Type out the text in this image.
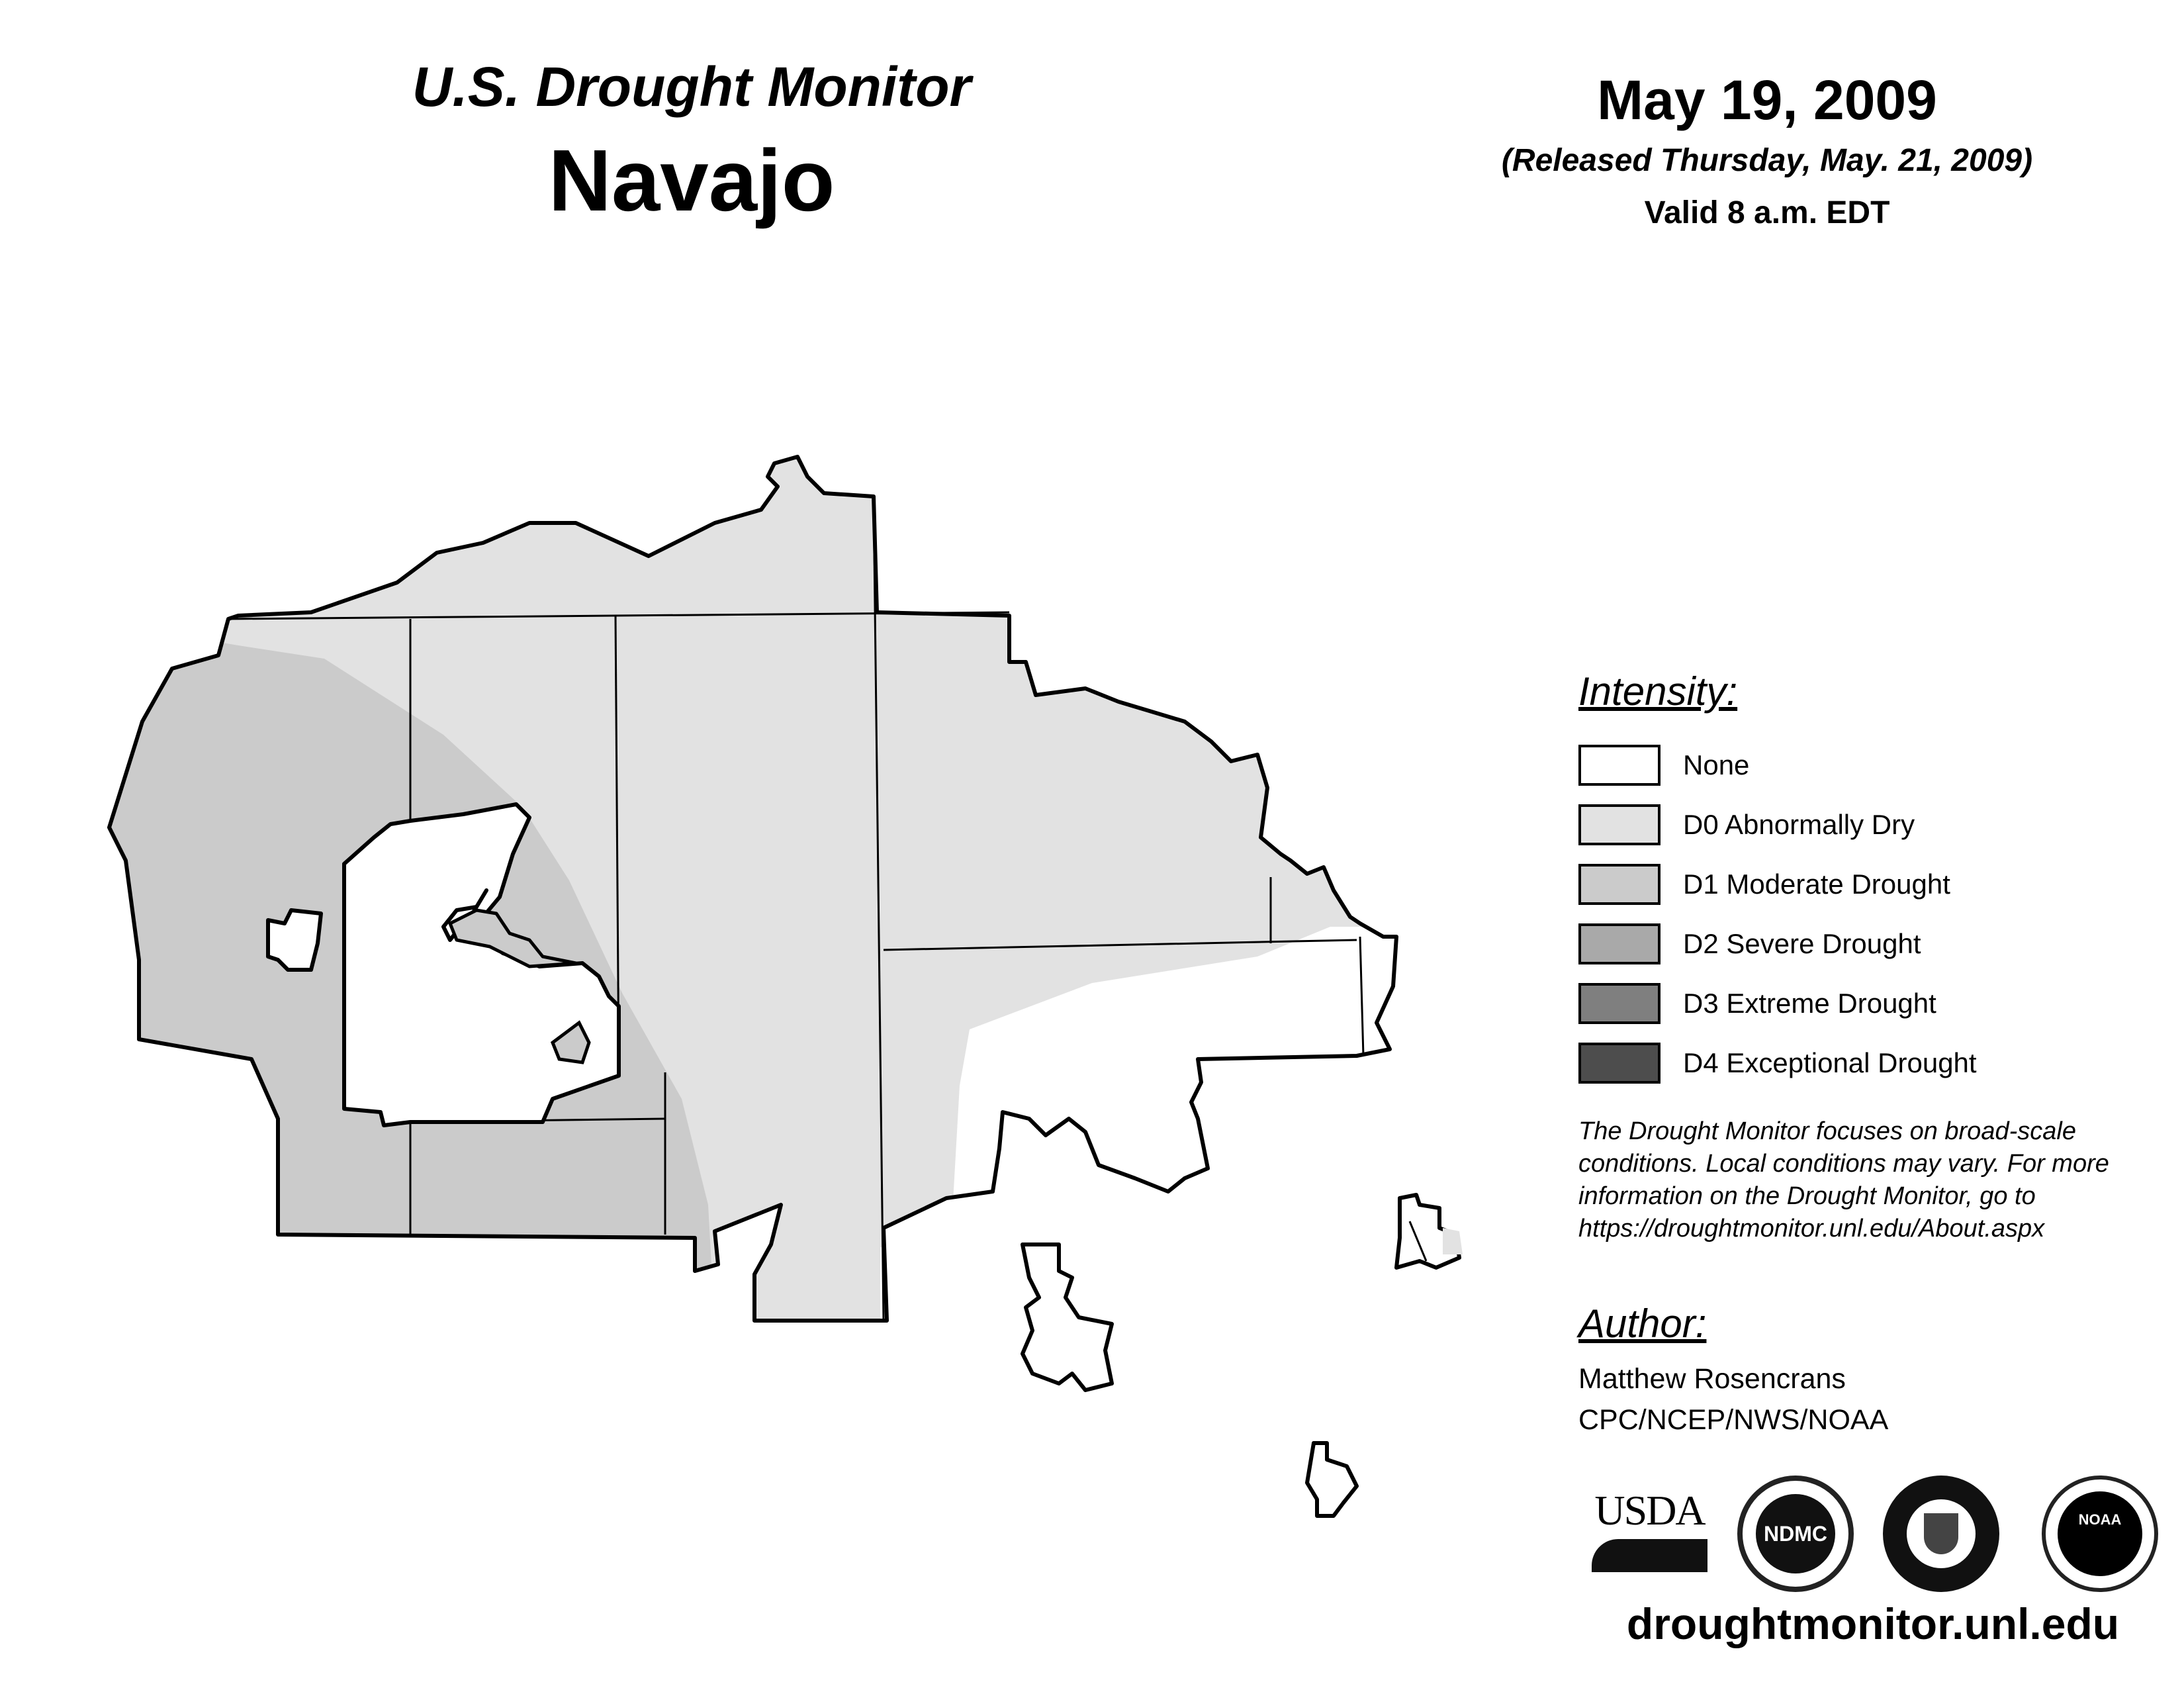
U.S. Drought Monitor
Navajo
May 19, 2009
(Released Thursday, May. 21, 2009)
Valid 8 a.m. EDT
Intensity:
None
D0 Abnormally Dry
D1 Moderate Drought
D2 Severe Drought
D3 Extreme Drought
D4 Exceptional Drought
The Drought Monitor focuses on broad-scale
conditions. Local conditions may vary. For more
information on the Drought Monitor, go to
https://droughtmonitor.unl.edu/About.aspx
Author:
Matthew Rosencrans
CPC/NCEP/NWS/NOAA
USDA	NDMC
NOAA
droughtmonitor.unl.edu
